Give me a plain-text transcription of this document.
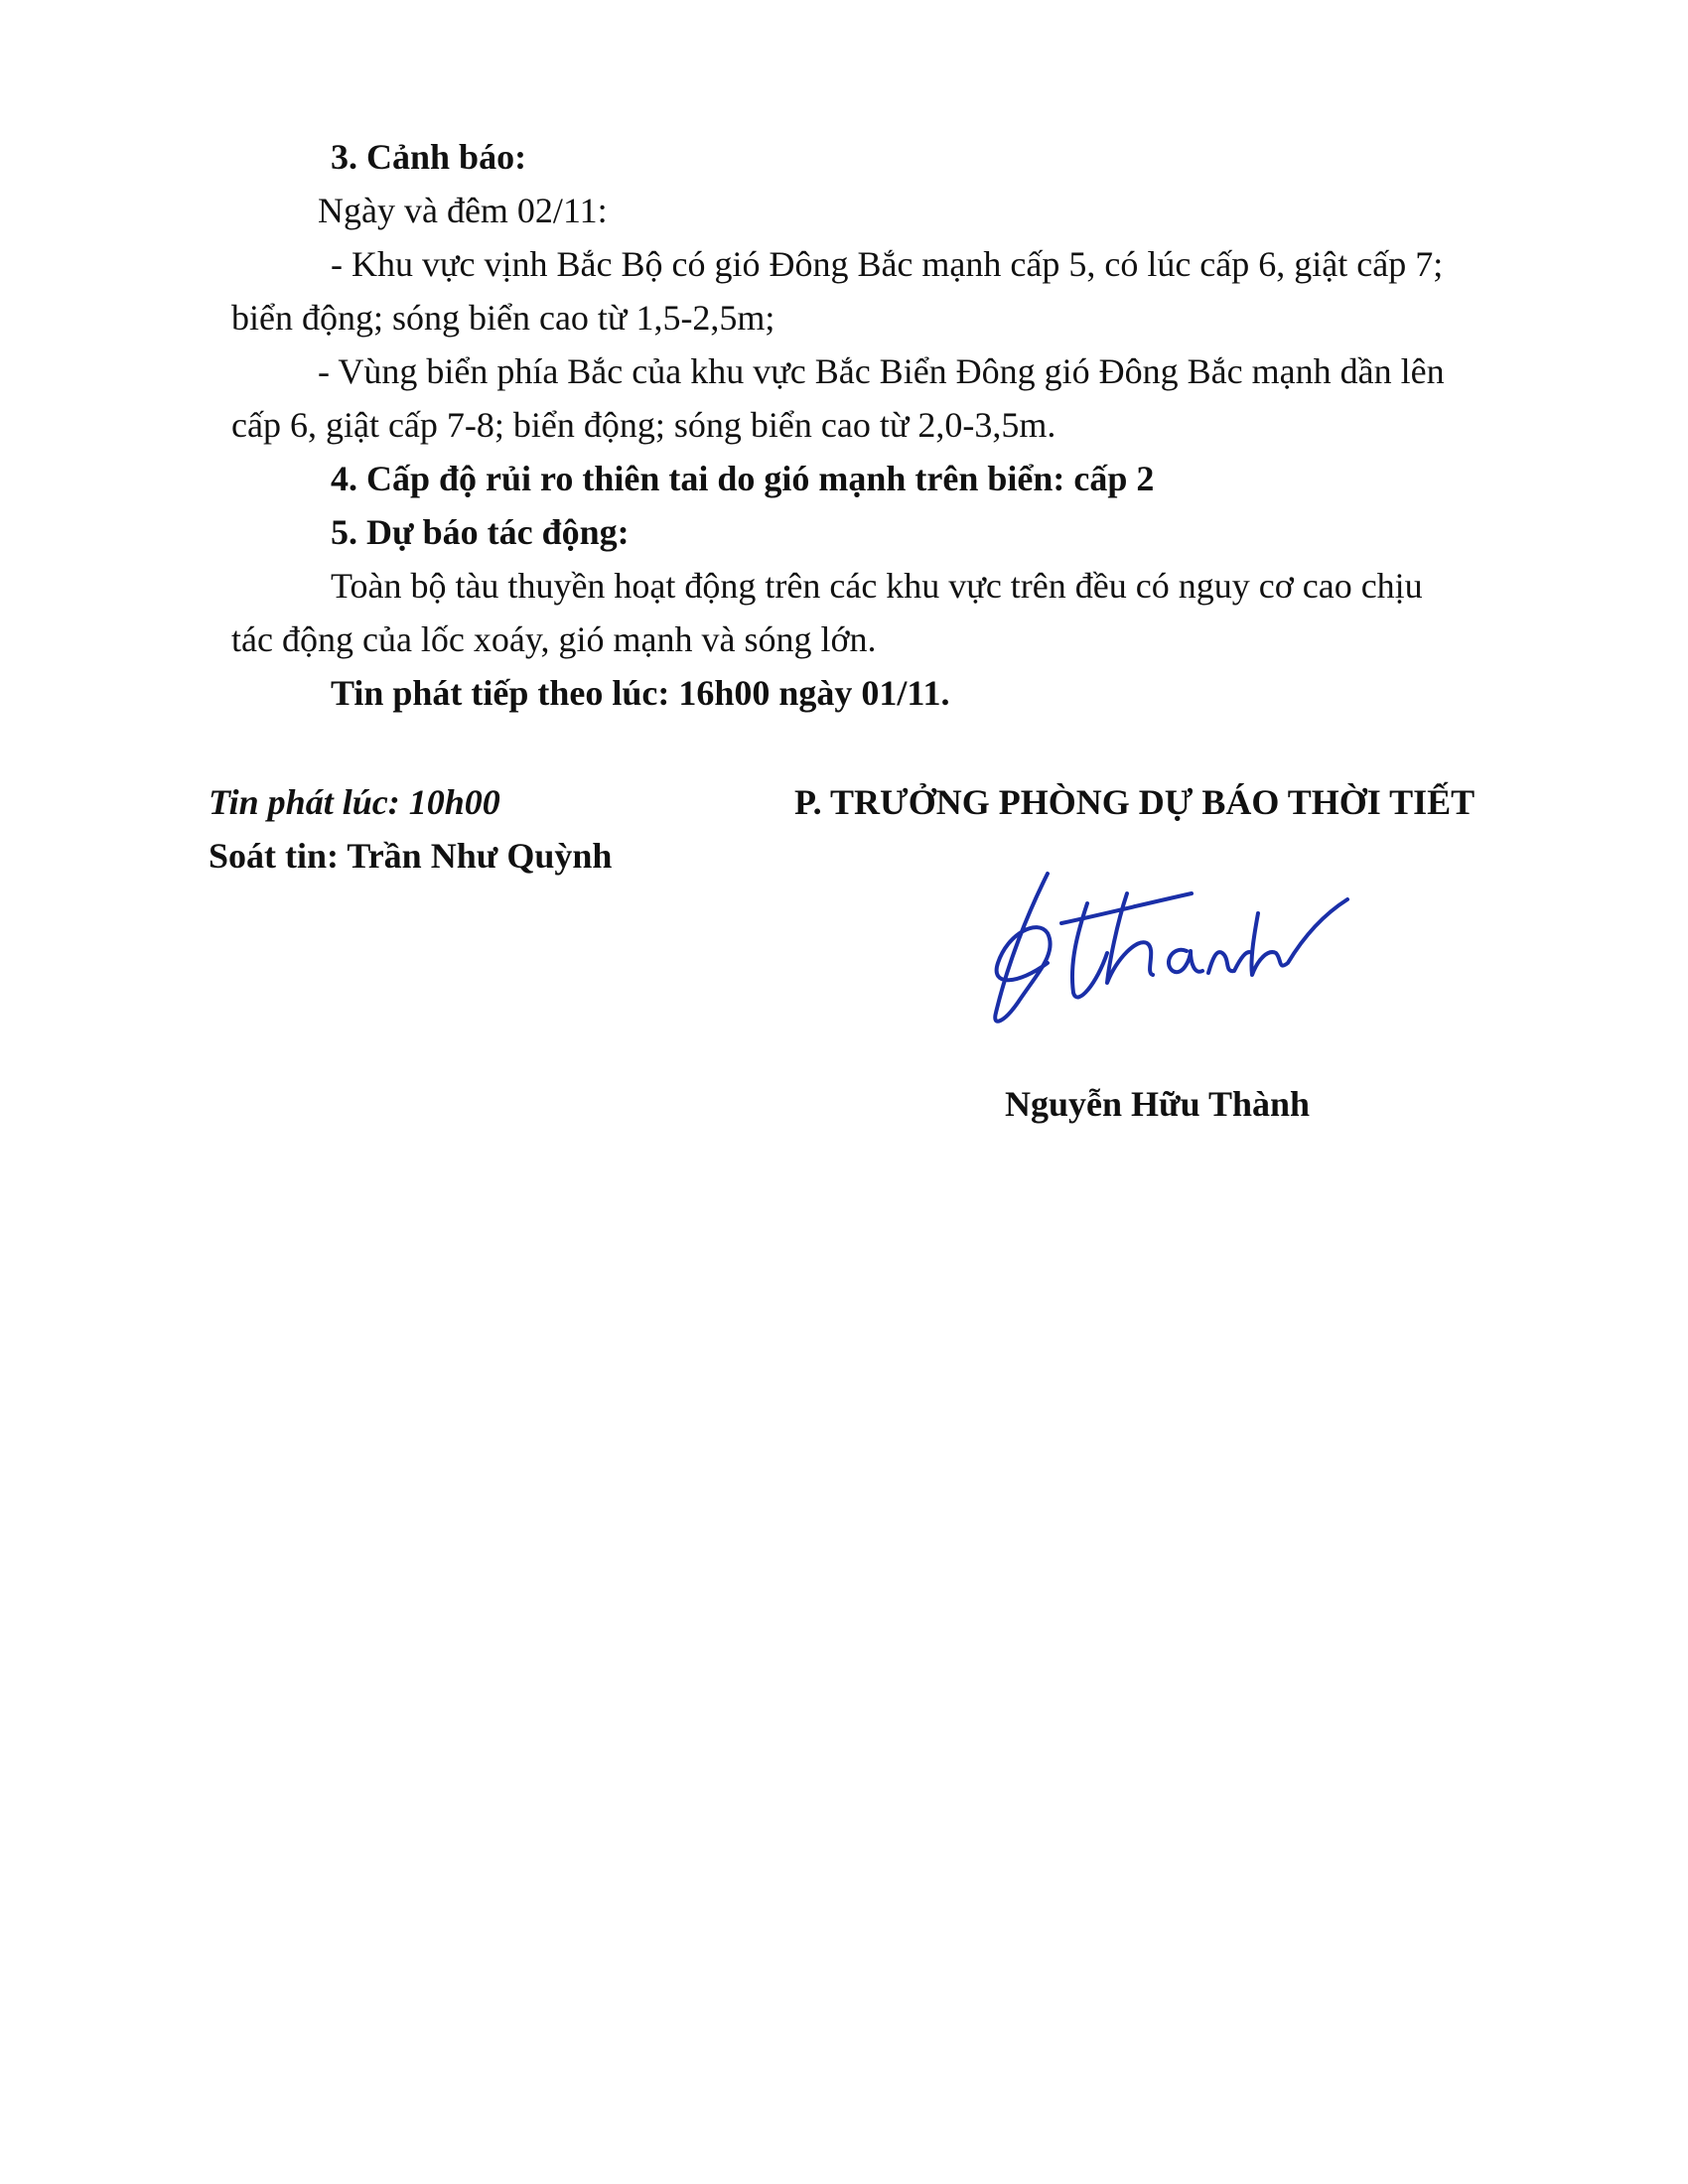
3. Cảnh báo:
Ngày và đêm 02/11:
- Khu vực vịnh Bắc Bộ có gió Đông Bắc mạnh cấp 5, có lúc cấp 6, giật cấp 7;
biển động; sóng biển cao từ 1,5-2,5m;
- Vùng biển phía Bắc của khu vực Bắc Biển Đông gió Đông Bắc mạnh dần lên
cấp 6, giật cấp 7-8; biển động; sóng biển cao từ 2,0-3,5m.
4. Cấp độ rủi ro thiên tai do gió mạnh trên biển: cấp 2
5. Dự báo tác động:
Toàn bộ tàu thuyền hoạt động trên các khu vực trên đều có nguy cơ cao chịu
tác động của lốc xoáy, gió mạnh và sóng lớn.
Tin phát tiếp theo lúc: 16h00 ngày 01/11.
Tin phát lúc: 10h00
Soát tin: Trần Như Quỳnh
P. TRƯỞNG PHÒNG DỰ BÁO THỜI TIẾT
Nguyễn Hữu Thành
